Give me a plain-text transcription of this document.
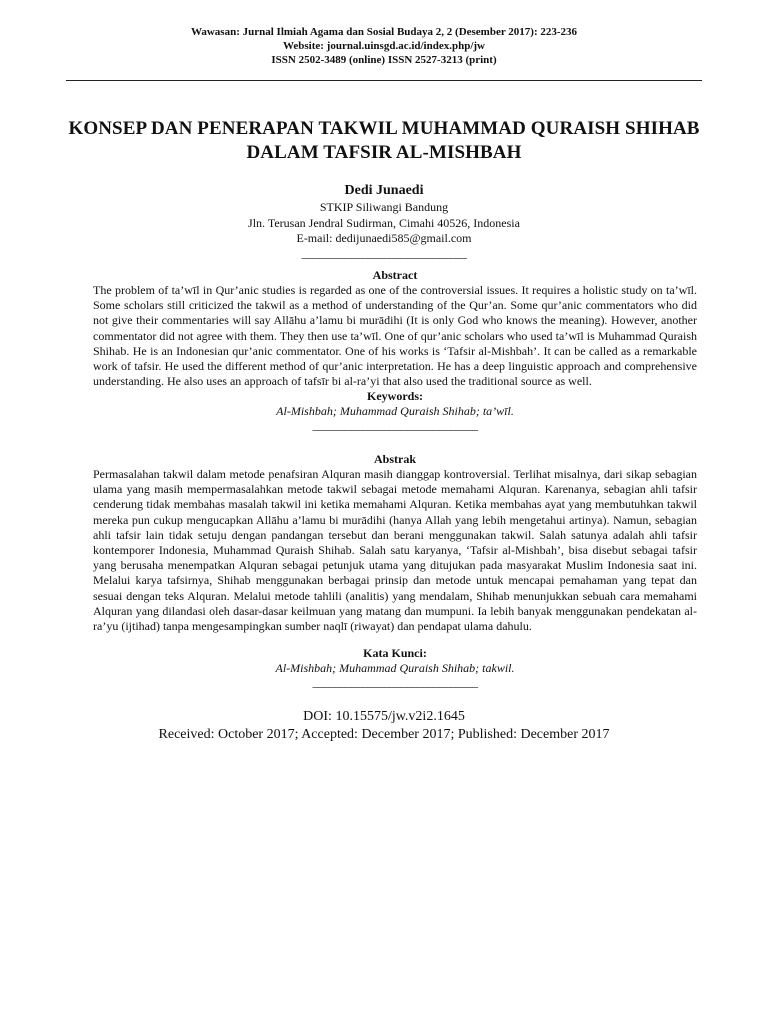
Wawasan: Jurnal Ilmiah Agama dan Sosial Budaya 2, 2 (Desember 2017): 223-236
Website: journal.uinsgd.ac.id/index.php/jw
ISSN 2502-3489 (online) ISSN 2527-3213 (print)
KONSEP DAN PENERAPAN TAKWIL MUHAMMAD QURAISH SHIHAB DALAM TAFSIR AL-MISHBAH
Dedi Junaedi
STKIP Siliwangi Bandung
Jln. Terusan Jendral Sudirman, Cimahi 40526, Indonesia
E-mail: dedijunaedi585@gmail.com
______________________________
Abstract
The problem of ta’wīl in Qur’anic studies is regarded as one of the controversial issues. It requires a holistic study on ta’wīl. Some scholars still criticized the takwil as a method of understanding of the Qur’an. Some qur’anic commentators who did not give their commentaries will say Allāhu a’lamu bi murādihi (It is only God who knows the meaning). However, another commentator did not agree with them. They then use ta’wīl. One of qur’anic scholars who used ta’wīl is Muhammad Quraish Shihab. He is an Indonesian qur’anic commentator. One of his works is ‘Tafsir al-Mishbah’. It can be called as a remarkable work of tafsir. He used the different method of qur’anic interpretation. He has a deep linguistic approach and comprehensive understanding. He also uses an approach of tafsīr bi al-ra’yi that also used the traditional source as well.
Keywords:
Al-Mishbah; Muhammad Quraish Shihab; ta’wīl.
______________________________
Abstrak
Permasalahan takwil dalam metode penafsiran Alquran masih dianggap kontroversial. Terlihat misalnya, dari sikap sebagian ulama yang masih mempermasalahkan metode takwil sebagai metode memahami Alquran. Karenanya, sebagian ahli tafsir cenderung tidak membahas masalah takwil ini ketika memahami Alquran. Ketika membahas ayat yang membutuhkan takwil mereka pun cukup mengucapkan Allāhu a’lamu bi murādihi (hanya Allah yang lebih mengetahui artinya). Namun, sebagian ahli tafsir lain tidak setuju dengan pandangan tersebut dan berani menggunakan takwil. Salah satunya adalah ahli tafsir kontemporer Indonesia, Muhammad Quraish Shihab. Salah satu karyanya, ‘Tafsir al-Mishbah’, bisa disebut sebagai tafsir yang berusaha menempatkan Alquran sebagai petunjuk utama yang ditujukan pada masyarakat Muslim Indonesia saat ini. Melalui karya tafsirnya, Shihab menggunakan berbagai prinsip dan metode untuk mencapai pemahaman yang tepat dan sesuai dengan teks Alquran. Melalui metode tahlili (analitis) yang mendalam, Shihab menunjukkan sebuah cara memahami Alquran yang dilandasi oleh dasar-dasar keilmuan yang matang dan mumpuni. Ia lebih banyak menggunakan pendekatan al-ra’yu (ijtihad) tanpa mengesampingkan sumber naqlī (riwayat) dan pendapat ulama dahulu.
Kata Kunci:
Al-Mishbah; Muhammad Quraish Shihab; takwil.
______________________________
DOI: 10.15575/jw.v2i2.1645
Received: October 2017; Accepted: December 2017; Published: December 2017
